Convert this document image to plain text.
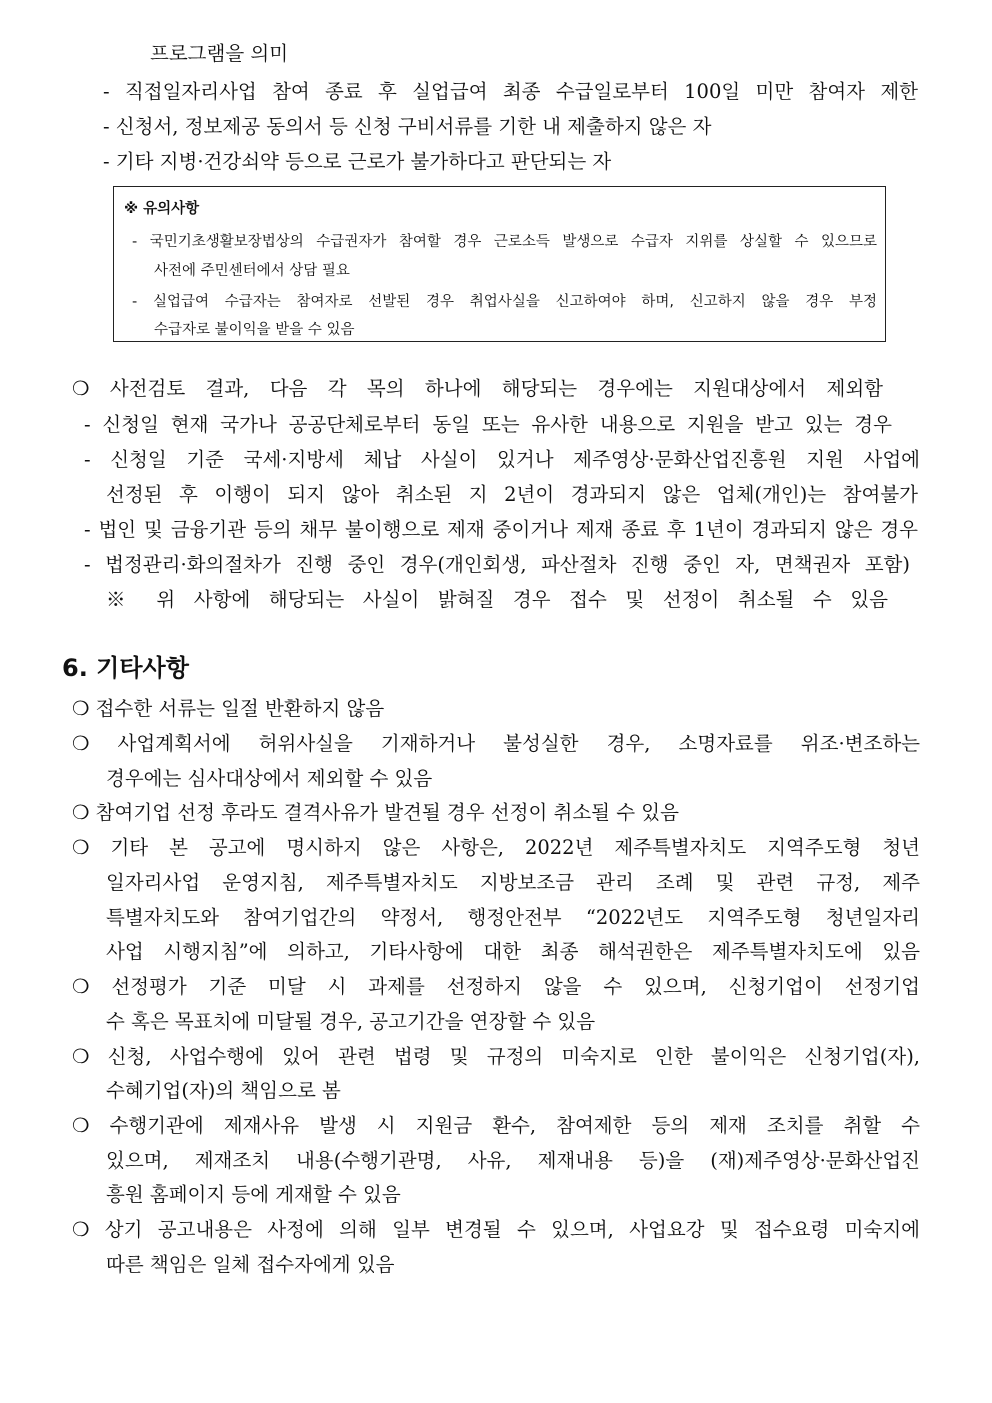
프로그램을 의미
- 직접일자리사업 참여 종료 후 실업급여 최종 수급일로부터 100일 미만 참여자 제한
- 신청서, 정보제공 동의서 등 신청 구비서류를 기한 내 제출하지 않은 자
- 기타 지병·건강쇠약 등으로 근로가 불가하다고 판단되는 자
※ 유의사항
- 국민기초생활보장법상의 수급권자가 참여할 경우 근로소득 발생으로 수급자 지위를 상실할 수 있으므로
사전에 주민센터에서 상담 필요
- 실업급여 수급자는 참여자로 선발된 경우 취업사실을 신고하여야 하며, 신고하지 않을 경우 부정
수급자로 불이익을 받을 수 있음
❍ 사전검토 결과, 다음 각 목의 하나에 해당되는 경우에는 지원대상에서 제외함
- 신청일 현재 국가나 공공단체로부터 동일 또는 유사한 내용으로 지원을 받고 있는 경우
- 신청일 기준 국세·지방세 체납 사실이 있거나 제주영상·문화산업진흥원 지원 사업에
선정된 후 이행이 되지 않아 취소된 지 2년이 경과되지 않은 업체(개인)는 참여불가
- 법인 및 금융기관 등의 채무 불이행으로 제재 중이거나 제재 종료 후 1년이 경과되지 않은 경우
- 법정관리·화의절차가 진행 중인 경우(개인회생, 파산절차 진행 중인 자, 면책권자 포함)
※ 위 사항에 해당되는 사실이 밝혀질 경우 접수 및 선정이 취소될 수 있음
6. 기타사항
❍ 접수한 서류는 일절 반환하지 않음
❍ 사업계획서에 허위사실을 기재하거나 불성실한 경우, 소명자료를 위조·변조하는
경우에는 심사대상에서 제외할 수 있음
❍ 참여기업 선정 후라도 결격사유가 발견될 경우 선정이 취소될 수 있음
❍ 기타 본 공고에 명시하지 않은 사항은, 2022년 제주특별자치도 지역주도형 청년
일자리사업 운영지침, 제주특별자치도 지방보조금 관리 조례 및 관련 규정, 제주
특별자치도와 참여기업간의 약정서, 행정안전부 “2022년도 지역주도형 청년일자리
사업 시행지침”에 의하고, 기타사항에 대한 최종 해석권한은 제주특별자치도에 있음
❍ 선정평가 기준 미달 시 과제를 선정하지 않을 수 있으며, 신청기업이 선정기업
수 혹은 목표치에 미달될 경우, 공고기간을 연장할 수 있음
❍ 신청, 사업수행에 있어 관련 법령 및 규정의 미숙지로 인한 불이익은 신청기업(자),
수혜기업(자)의 책임으로 봄
❍ 수행기관에 제재사유 발생 시 지원금 환수, 참여제한 등의 제재 조치를 취할 수
있으며, 제재조치 내용(수행기관명, 사유, 제재내용 등)을 (재)제주영상·문화산업진
흥원 홈페이지 등에 게재할 수 있음
❍ 상기 공고내용은 사정에 의해 일부 변경될 수 있으며, 사업요강 및 접수요령 미숙지에
따른 책임은 일체 접수자에게 있음
